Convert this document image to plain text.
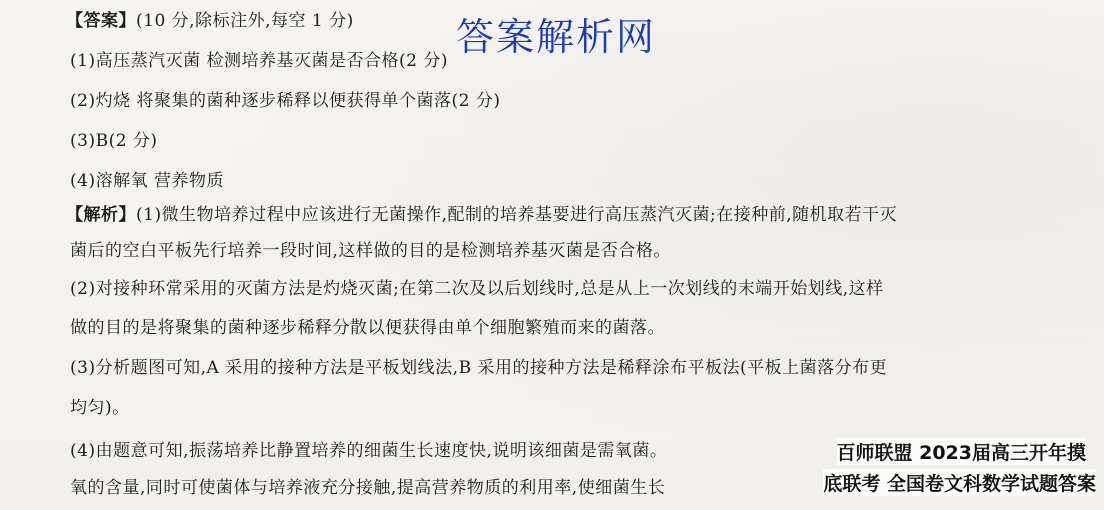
【答案】(10 分,除标注外,每空 1 分)	答案解析网
(1)高压蒸汽灭菌 检测培养基灭菌是否合格(2 分)
(2)灼烧 将聚集的菌种逐步稀释以便获得单个菌落(2 分)
(3)B(2 分)
(4)溶解氧 营养物质
【解析】(1)微生物培养过程中应该进行无菌操作,配制的培养基要进行高压蒸汽灭菌;在接种前,随机取若干灭
菌后的空白平板先行培养一段时间,这样做的目的是检测培养基灭菌是否合格。
(2)对接种环常采用的灭菌方法是灼烧灭菌;在第二次及以后划线时,总是从上一次划线的末端开始划线,这样
做的目的是将聚集的菌种逐步稀释分散以便获得由单个细胞繁殖而来的菌落。
(3)分析题图可知,A 采用的接种方法是平板划线法,B 采用的接种方法是稀释涂布平板法(平板上菌落分布更
均匀)。
(4)由题意可知,振荡培养比静置培养的细菌生长速度快,说明该细菌是需氧菌。
氧的含量,同时可使菌体与培养液充分接触,提高营养物质的利用率,使细菌生长
百师联盟 2023届高三开年摸
底联考 全国卷文科数学试题答案
